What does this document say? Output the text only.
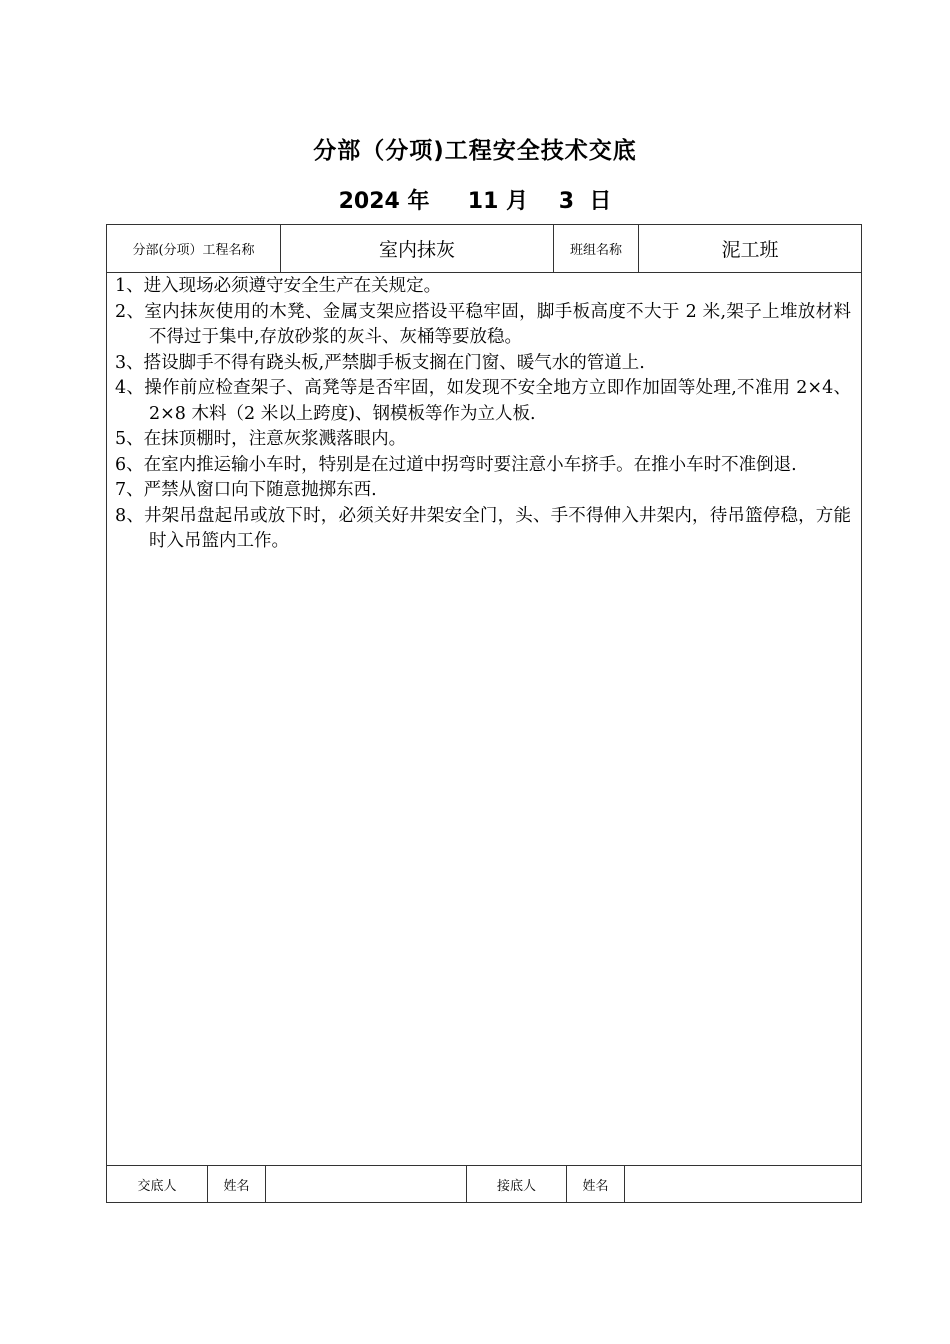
分部（分项)工程安全技术交底
2024 年     11 月    3  日
分部(分项）工程名称	室内抹灰	班组名称	泥工班
1、进入现场必须遵守安全生产在关规定。
2、室内抹灰使用的木凳、金属支架应搭设平稳牢固，脚手板高度不大于 2 米,架子上堆放材料不得过于集中,存放砂浆的灰斗、灰桶等要放稳。
3、搭设脚手不得有跷头板,严禁脚手板支搁在门窗、暖气水的管道上.
4、操作前应检查架子、高凳等是否牢固，如发现不安全地方立即作加固等处理,不准用 2×4、2×8 木料（2 米以上跨度)、钢模板等作为立人板.
5、在抹顶棚时，注意灰浆溅落眼内。
6、在室内推运输小车时，特别是在过道中拐弯时要注意小车挤手。在推小车时不准倒退.
7、严禁从窗口向下随意抛掷东西.
8、井架吊盘起吊或放下时，必须关好井架安全门，头、手不得伸入井架内，待吊篮停稳，方能时入吊篮内工作。
交底人	姓名	接底人	姓名
